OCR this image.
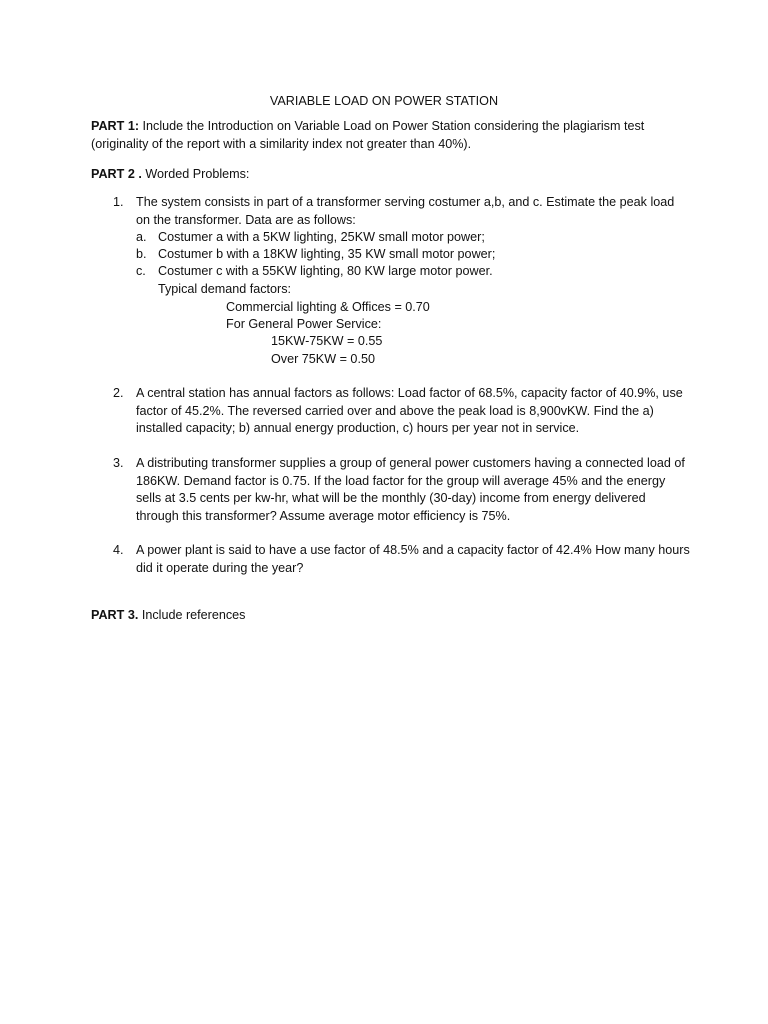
VARIABLE LOAD ON POWER STATION
PART 1: Include the Introduction on Variable Load on Power Station considering the plagiarism test (originality of the report with a similarity index not greater than 40%).
PART 2 . Worded Problems:
1. The system consists in part of a transformer serving costumer a,b, and c. Estimate the peak load on the transformer. Data are as follows:
a. Costumer a with a 5KW lighting, 25KW small motor power;
b. Costumer b with a 18KW lighting, 35 KW small motor power;
c. Costumer c with a 55KW lighting, 80 KW large motor power.
Typical demand factors:
Commercial lighting & Offices = 0.70
For General Power Service:
15KW-75KW = 0.55
Over 75KW = 0.50
2. A central station has annual factors as follows: Load factor of 68.5%, capacity factor of 40.9%, use factor of 45.2%. The reversed carried over and above the peak load is 8,900vKW. Find the a) installed capacity; b) annual energy production, c) hours per year not in service.
3. A distributing transformer supplies a group of general power customers having a connected load of 186KW. Demand factor is 0.75. If the load factor for the group will average 45% and the energy sells at 3.5 cents per kw-hr, what will be the monthly (30-day) income from energy delivered through this transformer? Assume average motor efficiency is 75%.
4. A power plant is said to have a use factor of 48.5% and a capacity factor of 42.4% How many hours did it operate during the year?
PART 3. Include references
